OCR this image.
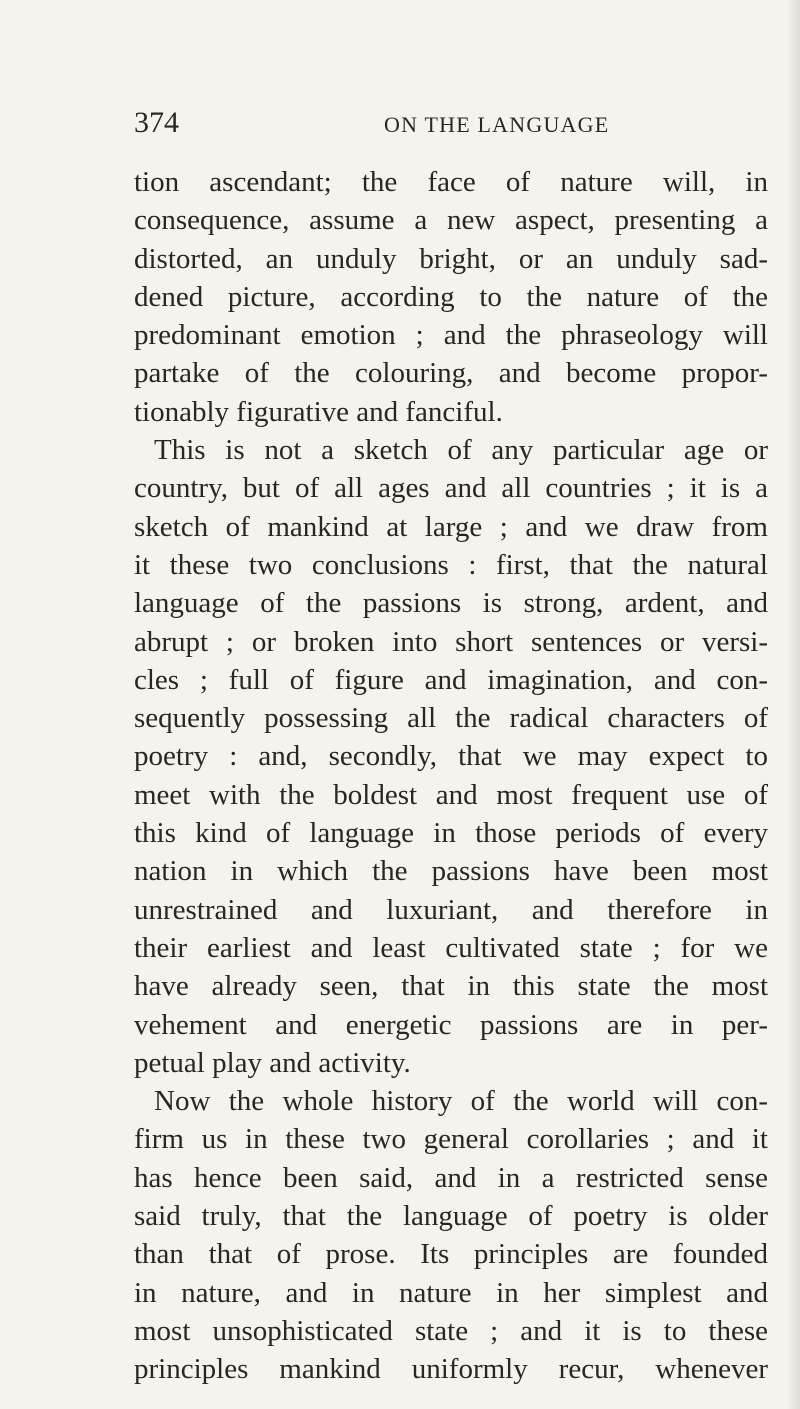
374	ON THE LANGUAGE
tion ascendant; the face of nature will, in
consequence, assume a new aspect, presenting a
distorted, an unduly bright, or an unduly sad-
dened picture, according to the nature of the
predominant emotion ; and the phraseology will
partake of the colouring, and become propor-
tionably figurative and fanciful.
This is not a sketch of any particular age or
country, but of all ages and all countries ; it is a
sketch of mankind at large ; and we draw from
it these two conclusions : first, that the natural
language of the passions is strong, ardent, and
abrupt ; or broken into short sentences or versi-
cles ; full of figure and imagination, and con-
sequently possessing all the radical characters of
poetry : and, secondly, that we may expect to
meet with the boldest and most frequent use of
this kind of language in those periods of every
nation in which the passions have been most
unrestrained and luxuriant, and therefore in
their earliest and least cultivated state ; for we
have already seen, that in this state the most
vehement and energetic passions are in per-
petual play and activity.
Now the whole history of the world will con-
firm us in these two general corollaries ; and it
has hence been said, and in a restricted sense
said truly, that the language of poetry is older
than that of prose. Its principles are founded
in nature, and in nature in her simplest and
most unsophisticated state ; and it is to these
principles mankind uniformly recur, whenever
